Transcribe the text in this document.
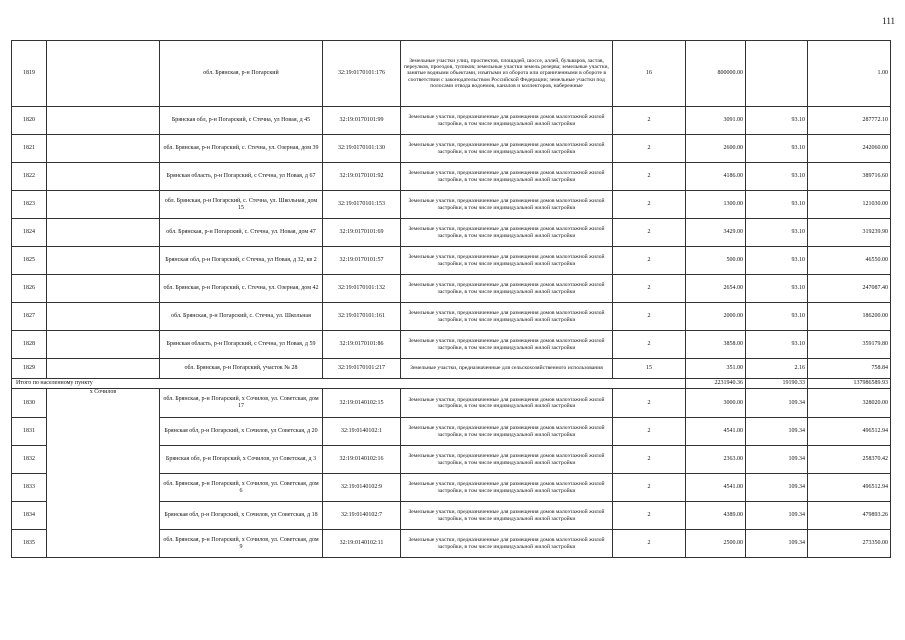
111
1819		обл. Брянская, р-н Погарский	32:19:0170101:176	Земельные участки улиц, проспектов, площадей, шоссе, аллей, бульваров, застав, переулков, проездов, тупиков; земельные участки земель резерва; земельные участки, занятые водными объектами, изъятыми из оборота или ограниченными в обороте в соответствии с законодательством Российской Федерации; земельные участки под полосами отвода водоемов, каналов и коллекторов, набережные	16	800000.00		1.00
1820		Брянская обл, р-н Погарский, с Стечна, ул Новая, д 45	32:19:0170101:99	Земельные участки, предназначенные для размещения домов малоэтажной жилой застройки, в том числе индивидуальной жилой застройки	2	3091.00	93.10	287772.10
1821		обл. Брянская, р-н Погарский, с. Стечна, ул. Озерная, дом 39	32:19:0170101:130	Земельные участки, предназначенные для размещения домов малоэтажной жилой застройки, в том числе индивидуальной жилой застройки	2	2600.00	93.10	242060.00
1822		Брянская область, р-н Погарский, с Стечна, ул Новая, д 67	32:19:0170101:92	Земельные участки, предназначенные для размещения домов малоэтажной жилой застройки, в том числе индивидуальной жилой застройки	2	4186.00	93.10	389716.60
1823		обл. Брянская, р-н Погарский, с. Стечна, ул. Школьная, дом 15	32:19:0170101:153	Земельные участки, предназначенные для размещения домов малоэтажной жилой застройки, в том числе индивидуальной жилой застройки	2	1300.00	93.10	121030.00
1824		обл. Брянская, р-н Погарский, с. Стечна, ул. Новая, дом 47	32:19:0170101:69	Земельные участки, предназначенные для размещения домов малоэтажной жилой застройки, в том числе индивидуальной жилой застройки	2	3429.00	93.10	319239.90
1825		Брянская обл, р-н Погарский, с Стечна, ул Новая, д 32, кв 2	32:19:0170101:57	Земельные участки, предназначенные для размещения домов малоэтажной жилой застройки, в том числе индивидуальной жилой застройки	2	500.00	93.10	46550.00
1826		обл. Брянская, р-н Погарский, с. Стечна, ул. Озерная, дом 42	32:19:0170101:132	Земельные участки, предназначенные для размещения домов малоэтажной жилой застройки, в том числе индивидуальной жилой застройки	2	2654.00	93.10	247087.40
1827		обл. Брянская, р-н Погарский, с. Стечна, ул. Школьная	32:19:0170101:161	Земельные участки, предназначенные для размещения домов малоэтажной жилой застройки, в том числе индивидуальной жилой застройки	2	2000.00	93.10	186200.00
1828		Брянская область, р-н Погарский, с Стечна, ул Новая, д 59	32:19:0170101:86	Земельные участки, предназначенные для размещения домов малоэтажной жилой застройки, в том числе индивидуальной жилой застройки	2	3858.00	93.10	359179.80
1829		обл. Брянская, р-н Погарский, участок № 28	32:19:0170101:217	Земельные участки, предназначенные для сельскохозяйственного использования	15	351.00	2.16	758.84
Итого по населенному пункту						2231940.36	19190.33	137986589.93
1830	х Сочилов	обл. Брянская, р-н Погарский, х Сочилов, ул. Советская, дом 17	32:19:0140102:15	Земельные участки, предназначенные для размещения домов малоэтажной жилой застройки, в том числе индивидуальной жилой застройки	2	3000.00	109.34	328020.00
1831		Брянская обл, р-н Погарский, х Сочилов, ул Советская, д 20	32:19:0140102:1	Земельные участки, предназначенные для размещения домов малоэтажной жилой застройки, в том числе индивидуальной жилой застройки	2	4541.00	109.34	496512.94
1832		Брянская обл, р-н Погарский, х Сочилов, ул Советская, д 3	32:19:0140102:16	Земельные участки, предназначенные для размещения домов малоэтажной жилой застройки, в том числе индивидуальной жилой застройки	2	2363.00	109.34	258370.42
1833		обл. Брянская, р-н Погарский, х Сочилов, ул. Советская, дом 6	32:19:0140102:9	Земельные участки, предназначенные для размещения домов малоэтажной жилой застройки, в том числе индивидуальной жилой застройки	2	4541.00	109.34	496512.94
1834		Брянская обл, р-н Погарский, х Сочилов, ул Советская, д 18	32:19:0140102:7	Земельные участки, предназначенные для размещения домов малоэтажной жилой застройки, в том числе индивидуальной жилой застройки	2	4389.00	109.34	479893.26
1835		обл. Брянская, р-н Погарский, х Сочилов, ул. Советская, дом 9	32:19:0140102:11	Земельные участки, предназначенные для размещения домов малоэтажной жилой застройки, в том числе индивидуальной жилой застройки	2	2500.00	109.34	273350.00
